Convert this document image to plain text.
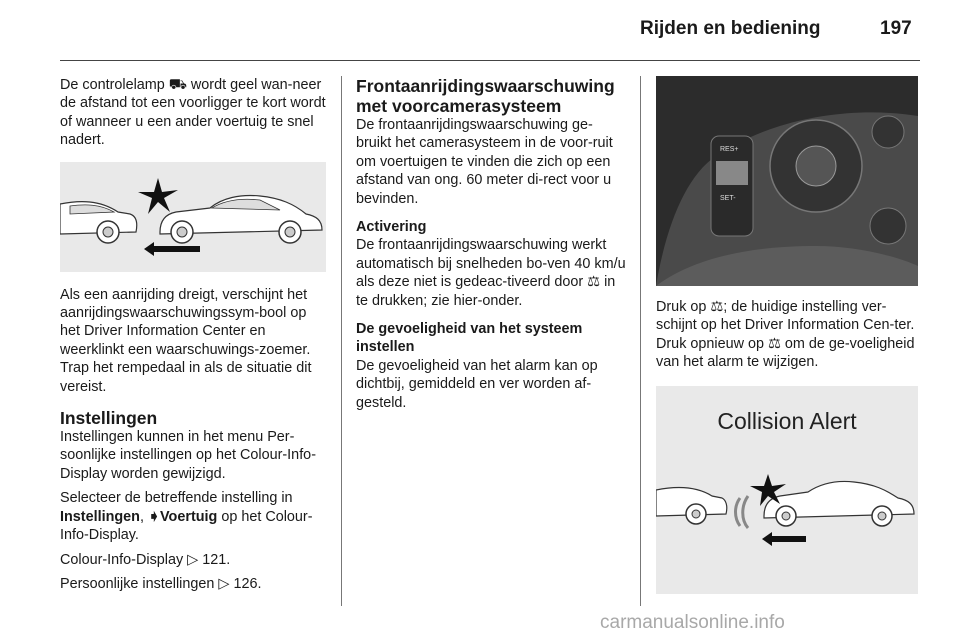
Rijden en bediening	197

De controlelamp ⛟ wordt geel wan-neer de afstand tot een voorligger te kort wordt of wanneer u een ander voertuig te snel nadert.

Als een aanrijding dreigt, verschijnt het aanrijdingswaarschuwingssym-bool op het Driver Information Center en weerklinkt een waarschuwings-zoemer. Trap het rempedaal in als de situatie dit vereist.

Instellingen

Instellingen kunnen in het menu Per-soonlijke instellingen op het Colour-Info-Display worden gewijzigd.

Selecteer de betreffende instelling in Instellingen, ➧Voertuig op het Colour-Info-Display.

Colour-Info-Display ▷ 121.

Persoonlijke instellingen ▷ 126.

Frontaanrijdingswaarschuwing met voorcamerasysteem

De frontaanrijdingswaarschuwing ge-bruikt het camerasysteem in de voor-ruit om voertuigen te vinden die zich op een afstand van ong. 60 meter di-rect voor u bevinden.

Activering

De frontaanrijdingswaarschuwing werkt automatisch bij snelheden bo-ven 40 km/u als deze niet is gedeac-tiveerd door ⚖ in te drukken; zie hier-onder.

De gevoeligheid van het systeem instellen

De gevoeligheid van het alarm kan op dichtbij, gemiddeld en ver worden af-gesteld.

RES+
SET-

Druk op ⚖; de huidige instelling ver-schijnt op het Driver Information Cen-ter. Druk opnieuw op ⚖ om de ge-voeligheid van het alarm te wijzigen.

Collision Alert
carmanualsonline.info
